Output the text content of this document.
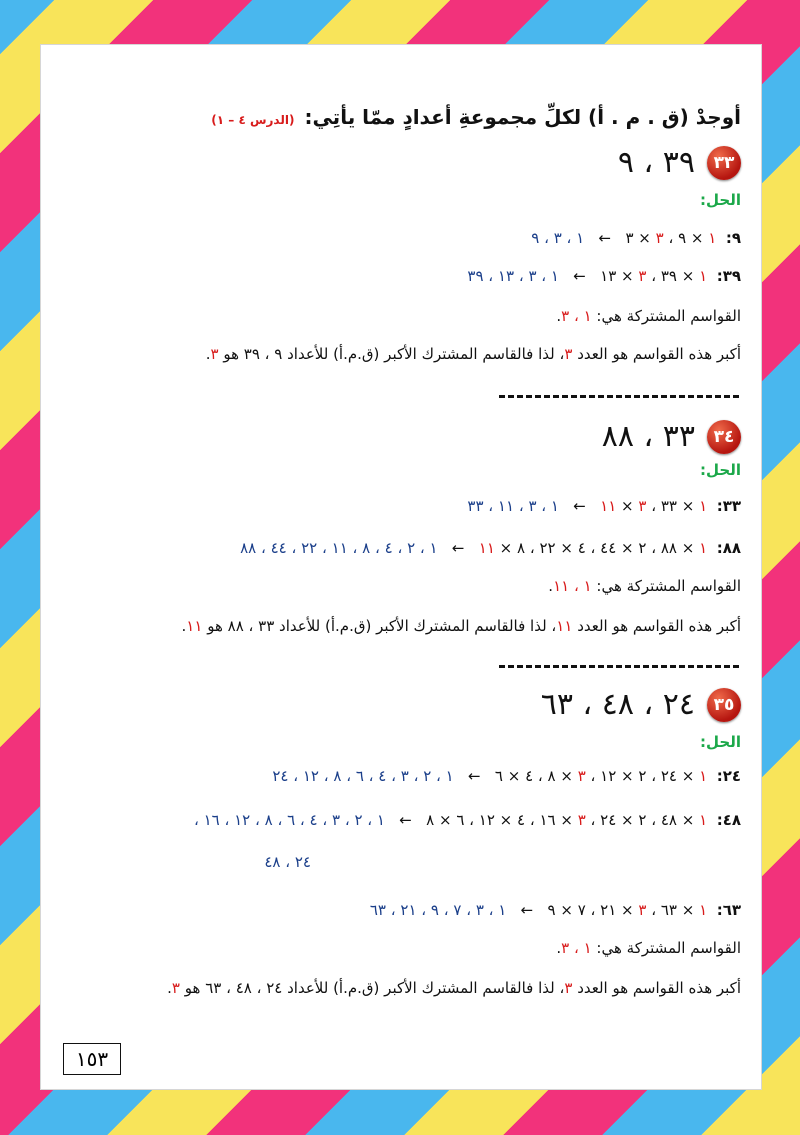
أوجدْ (ق . م . أ) لكلِّ مجموعةِ أعدادٍ ممّا يأتِي:(الدرس ٤ – ١)
٣٣
٣٩ ، ٩
الحل:
٩:  ١ × ٩ ، ٣ × ٣   ←   ١ ، ٣ ، ٩
٣٩:  ١ × ٣٩ ، ٣ × ١٣   ←   ١ ، ٣ ، ١٣ ، ٣٩
القواسم المشتركة هي: ١ ، ٣.
أكبر هذه القواسم هو العدد ٣، لذا فالقاسم المشترك الأكبر (ق.م.أ) للأعداد ٩ ، ٣٩ هو ٣.
٣٤
٣٣ ، ٨٨
الحل:
٣٣:  ١ × ٣٣ ، ٣ × ١١   ←   ١ ، ٣ ، ١١ ، ٣٣
٨٨:  ١ × ٨٨ ، ٢ × ٤٤ ، ٤ × ٢٢ ، ٨ × ١١   ←   ١ ، ٢ ، ٤ ، ٨ ، ١١ ، ٢٢ ، ٤٤ ، ٨٨
القواسم المشتركة هي: ١ ، ١١.
أكبر هذه القواسم هو العدد ١١، لذا فالقاسم المشترك الأكبر (ق.م.أ) للأعداد ٣٣ ، ٨٨ هو ١١.
٣٥
٢٤ ، ٤٨ ، ٦٣
الحل:
٢٤:  ١ × ٢٤ ، ٢ × ١٢ ، ٣ × ٨ ، ٤ × ٦   ←   ١ ، ٢ ، ٣ ، ٤ ، ٦ ، ٨ ، ١٢ ، ٢٤
٤٨:  ١ × ٤٨ ، ٢ × ٢٤ ، ٣ × ١٦ ، ٤ × ١٢ ، ٦ × ٨   ←   ١ ، ٢ ، ٣ ، ٤ ، ٦ ، ٨ ، ١٢ ، ١٦ ،
٢٤ ، ٤٨
٦٣:  ١ × ٦٣ ، ٣ × ٢١ ، ٧ × ٩   ←   ١ ، ٣ ، ٧ ، ٩ ، ٢١ ، ٦٣
القواسم المشتركة هي: ١ ، ٣.
أكبر هذه القواسم هو العدد ٣، لذا فالقاسم المشترك الأكبر (ق.م.أ) للأعداد ٢٤ ، ٤٨ ، ٦٣ هو ٣.
١٥٣
